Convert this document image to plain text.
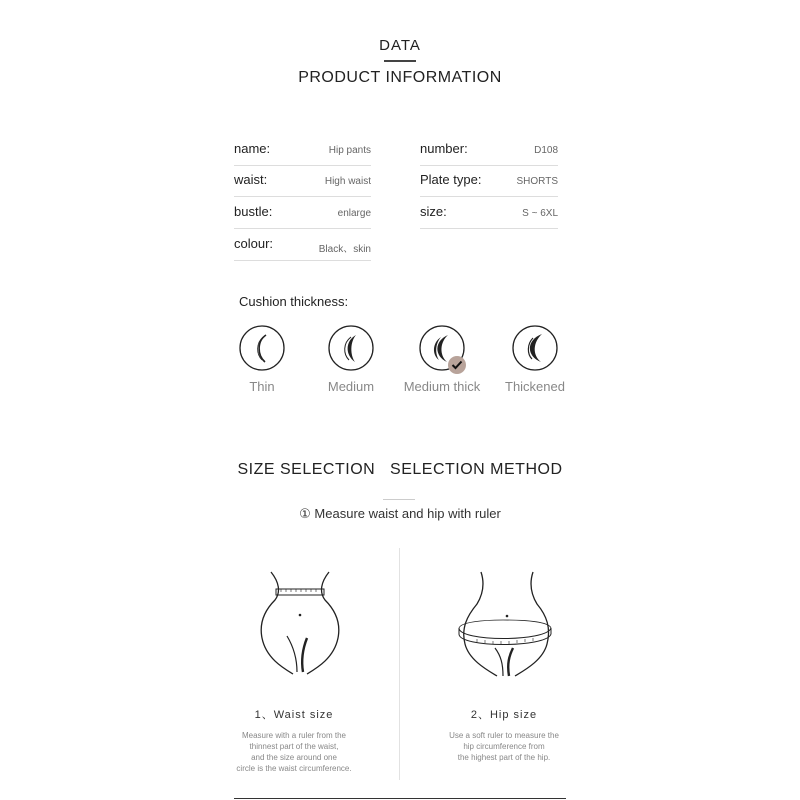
DATA
PRODUCT INFORMATION
name:	Hip pants
waist:	High waist
bustle:	enlarge
colour:	Black、skin
number:	D108
Plate type:	SHORTS
size:	S ~ 6XL
Cushion thickness:
Thin	Medium	Medium thick	Thickened
SIZE SELECTION   SELECTION METHOD
① Measure waist and hip with ruler
1、Waist size
Measure with a ruler from the
thinnest part of the waist,
and the size around one
circle is the waist circumference.
2、Hip size
Use a soft ruler to measure the
hip circumference from
the highest part of the hip.
